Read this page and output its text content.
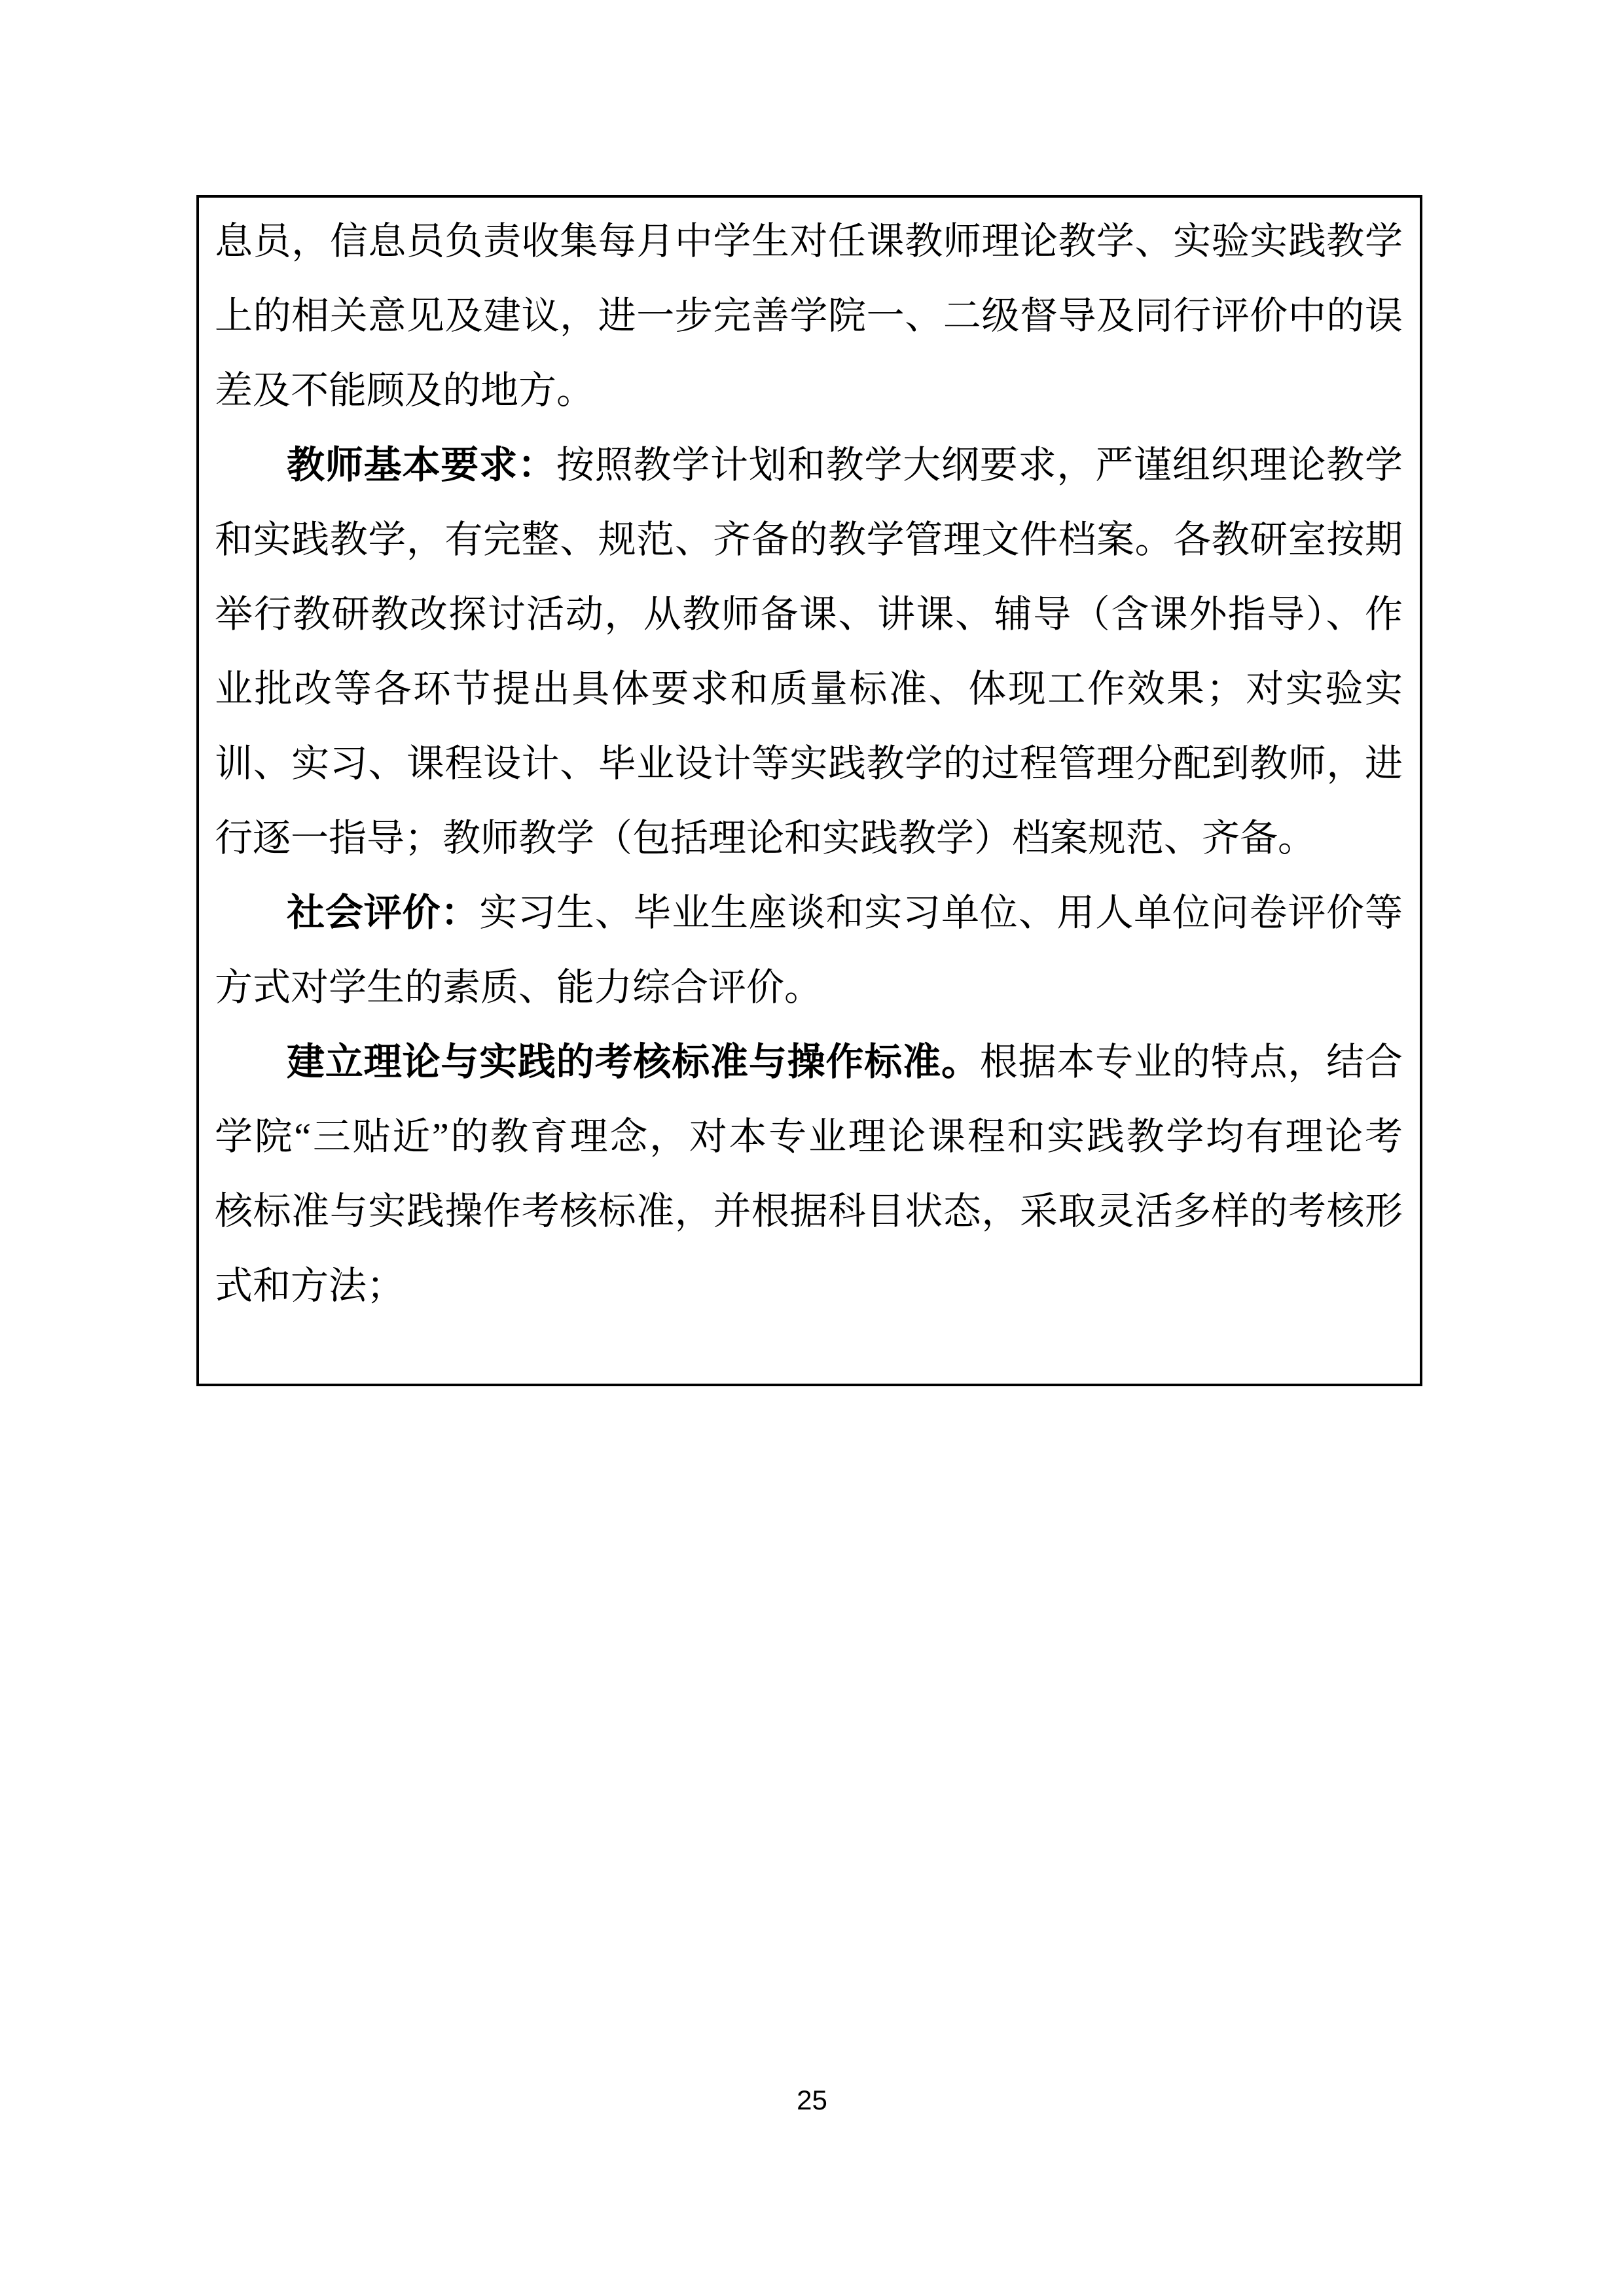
息员，信息员负责收集每月中学生对任课教师理论教学、实验实践教学
上的相关意见及建议，进一步完善学院一、二级督导及同行评价中的误
差及不能顾及的地方。
教师基本要求：按照教学计划和教学大纲要求，严谨组织理论教学
和实践教学，有完整、规范、齐备的教学管理文件档案。各教研室按期
举行教研教改探讨活动，从教师备课、讲课、辅导（含课外指导）、作
业批改等各环节提出具体要求和质量标准、体现工作效果；对实验实
训、实习、课程设计、毕业设计等实践教学的过程管理分配到教师，进
行逐一指导；教师教学（包括理论和实践教学）档案规范、齐备。
社会评价：实习生、毕业生座谈和实习单位、用人单位问卷评价等
方式对学生的素质、能力综合评价。
建立理论与实践的考核标准与操作标准。根据本专业的特点，结合
学院“三贴近”的教育理念，对本专业理论课程和实践教学均有理论考
核标准与实践操作考核标准，并根据科目状态，采取灵活多样的考核形
式和方法；
25
